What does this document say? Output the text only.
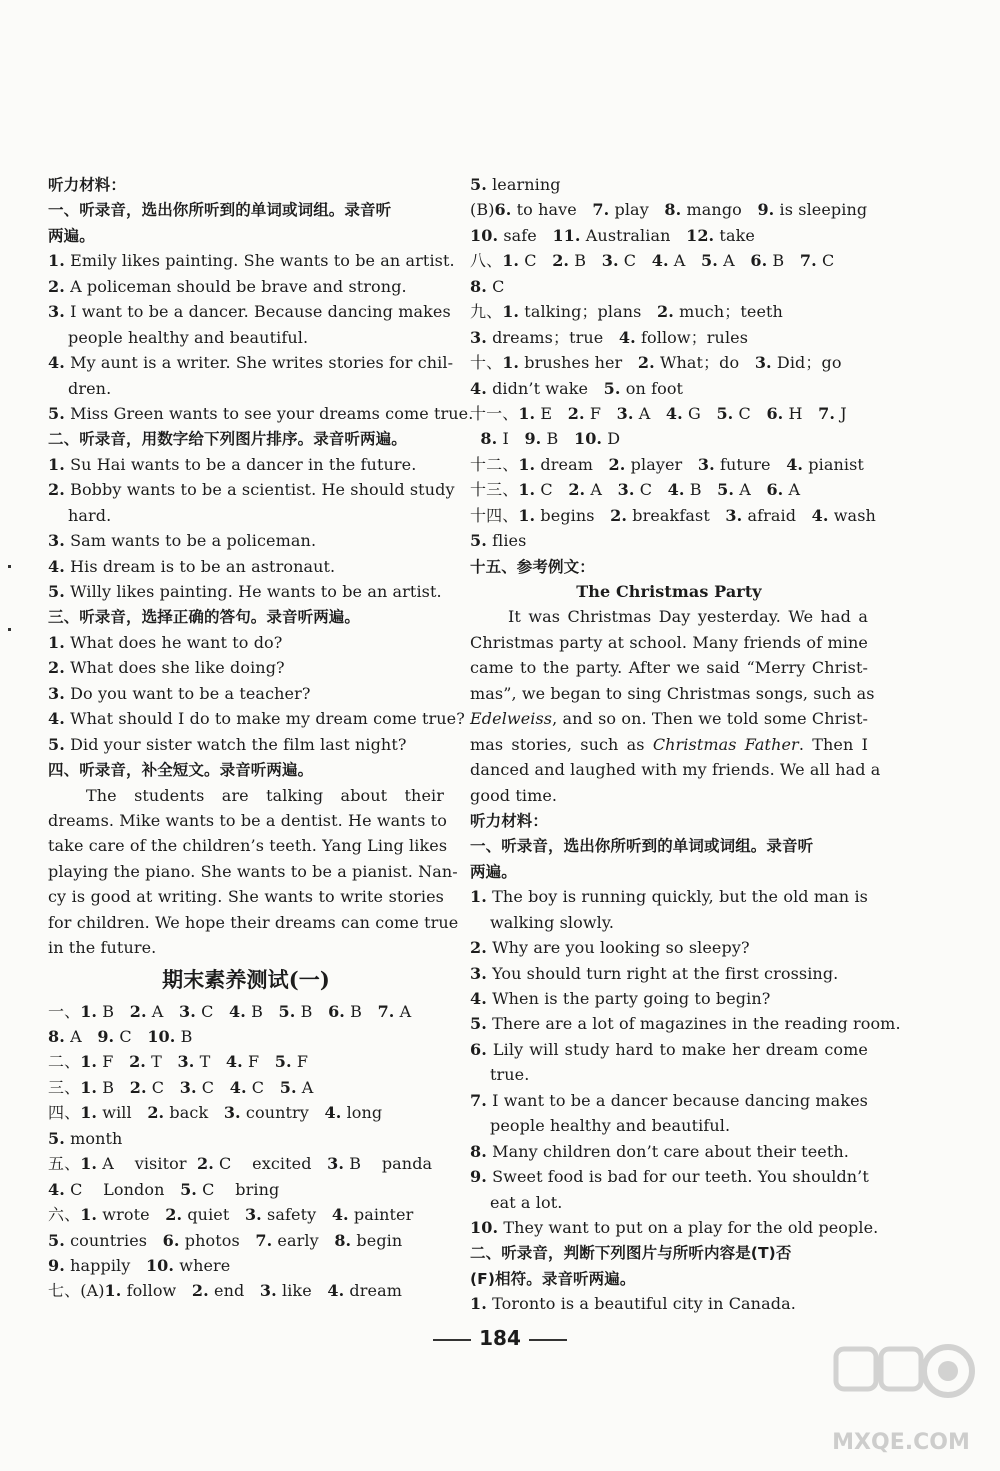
听力材料：
一、听录音，选出你所听到的单词或词组。录音听
两遍。
1. Emily likes painting. She wants to be an artist.
2. A policeman should be brave and strong.
3. I want to be a dancer. Because dancing makes
people healthy and beautiful.
4. My aunt is a writer. She writes stories for chil-
dren.
5. Miss Green wants to see your dreams come true.
二、听录音，用数字给下列图片排序。录音听两遍。
1. Su Hai wants to be a dancer in the future.
2. Bobby wants to be a scientist. He should study
hard.
3. Sam wants to be a policeman.
4. His dream is to be an astronaut.
5. Willy likes painting. He wants to be an artist.
三、听录音，选择正确的答句。录音听两遍。
1. What does he want to do?
2. What does she like doing?
3. Do you want to be a teacher?
4. What should I do to make my dream come true?
5. Did your sister watch the film last night?
四、听录音，补全短文。录音听两遍。
The students are talking about their
dreams. Mike wants to be a dentist. He wants to
take care of the children’s teeth. Yang Ling likes
playing the piano. She wants to be a pianist. Nan-
cy is good at writing. She wants to write stories
for children. We hope their dreams can come true
in the future.
期末素养测试(一)
一、1. B   2. A   3. C   4. B   5. B   6. B   7. A
8. A   9. C   10. B
二、1. F   2. T   3. T   4. F   5. F
三、1. B   2. C   3. C   4. C   5. A
四、1. will   2. back   3. country   4. long
5. month
五、1. A    visitor  2. C    excited   3. B    panda
4. C    London   5. C    bring
六、1. wrote   2. quiet   3. safety   4. painter
5. countries   6. photos   7. early   8. begin
9. happily   10. where
七、(A)1. follow   2. end   3. like   4. dream
5. learning
(B)6. to have   7. play   8. mango   9. is sleeping
10. safe   11. Australian   12. take
八、1. C   2. B   3. C   4. A   5. A   6. B   7. C
8. C
九、1. talking；plans   2. much；teeth
3. dreams；true   4. follow；rules
十、1. brushes her   2. What；do   3. Did；go
4. didn’t wake   5. on foot
十一、1. E   2. F   3. A   4. G   5. C   6. H   7. J
8. I   9. B   10. D
十二、1. dream   2. player   3. future   4. pianist
十三、1. C   2. A   3. C   4. B   5. A   6. A
十四、1. begins   2. breakfast   3. afraid   4. wash
5. flies
十五、参考例文：
The Christmas Party
It was Christmas Day yesterday. We had a
Christmas party at school. Many friends of mine
came to the party. After we said “Merry Christ-
mas”, we began to sing Christmas songs, such as
Edelweiss, and so on. Then we told some Christ-
mas stories, such as Christmas Father. Then I
danced and laughed with my friends. We all had a
good time.
听力材料：
一、听录音，选出你所听到的单词或词组。录音听
两遍。
1. The boy is running quickly, but the old man is
walking slowly.
2. Why are you looking so sleepy?
3. You should turn right at the first crossing.
4. When is the party going to begin?
5. There are a lot of magazines in the reading room.
6. Lily will study hard to make her dream come
true.
7. I want to be a dancer because dancing makes
people healthy and beautiful.
8. Many children don’t care about their teeth.
9. Sweet food is bad for our teeth. You shouldn’t
eat a lot.
10. They want to put on a play for the old people.
二、听录音，判断下列图片与所听内容是(T)否
(F)相符。录音听两遍。
1. Toronto is a beautiful city in Canada.
184
MXQE.COM
